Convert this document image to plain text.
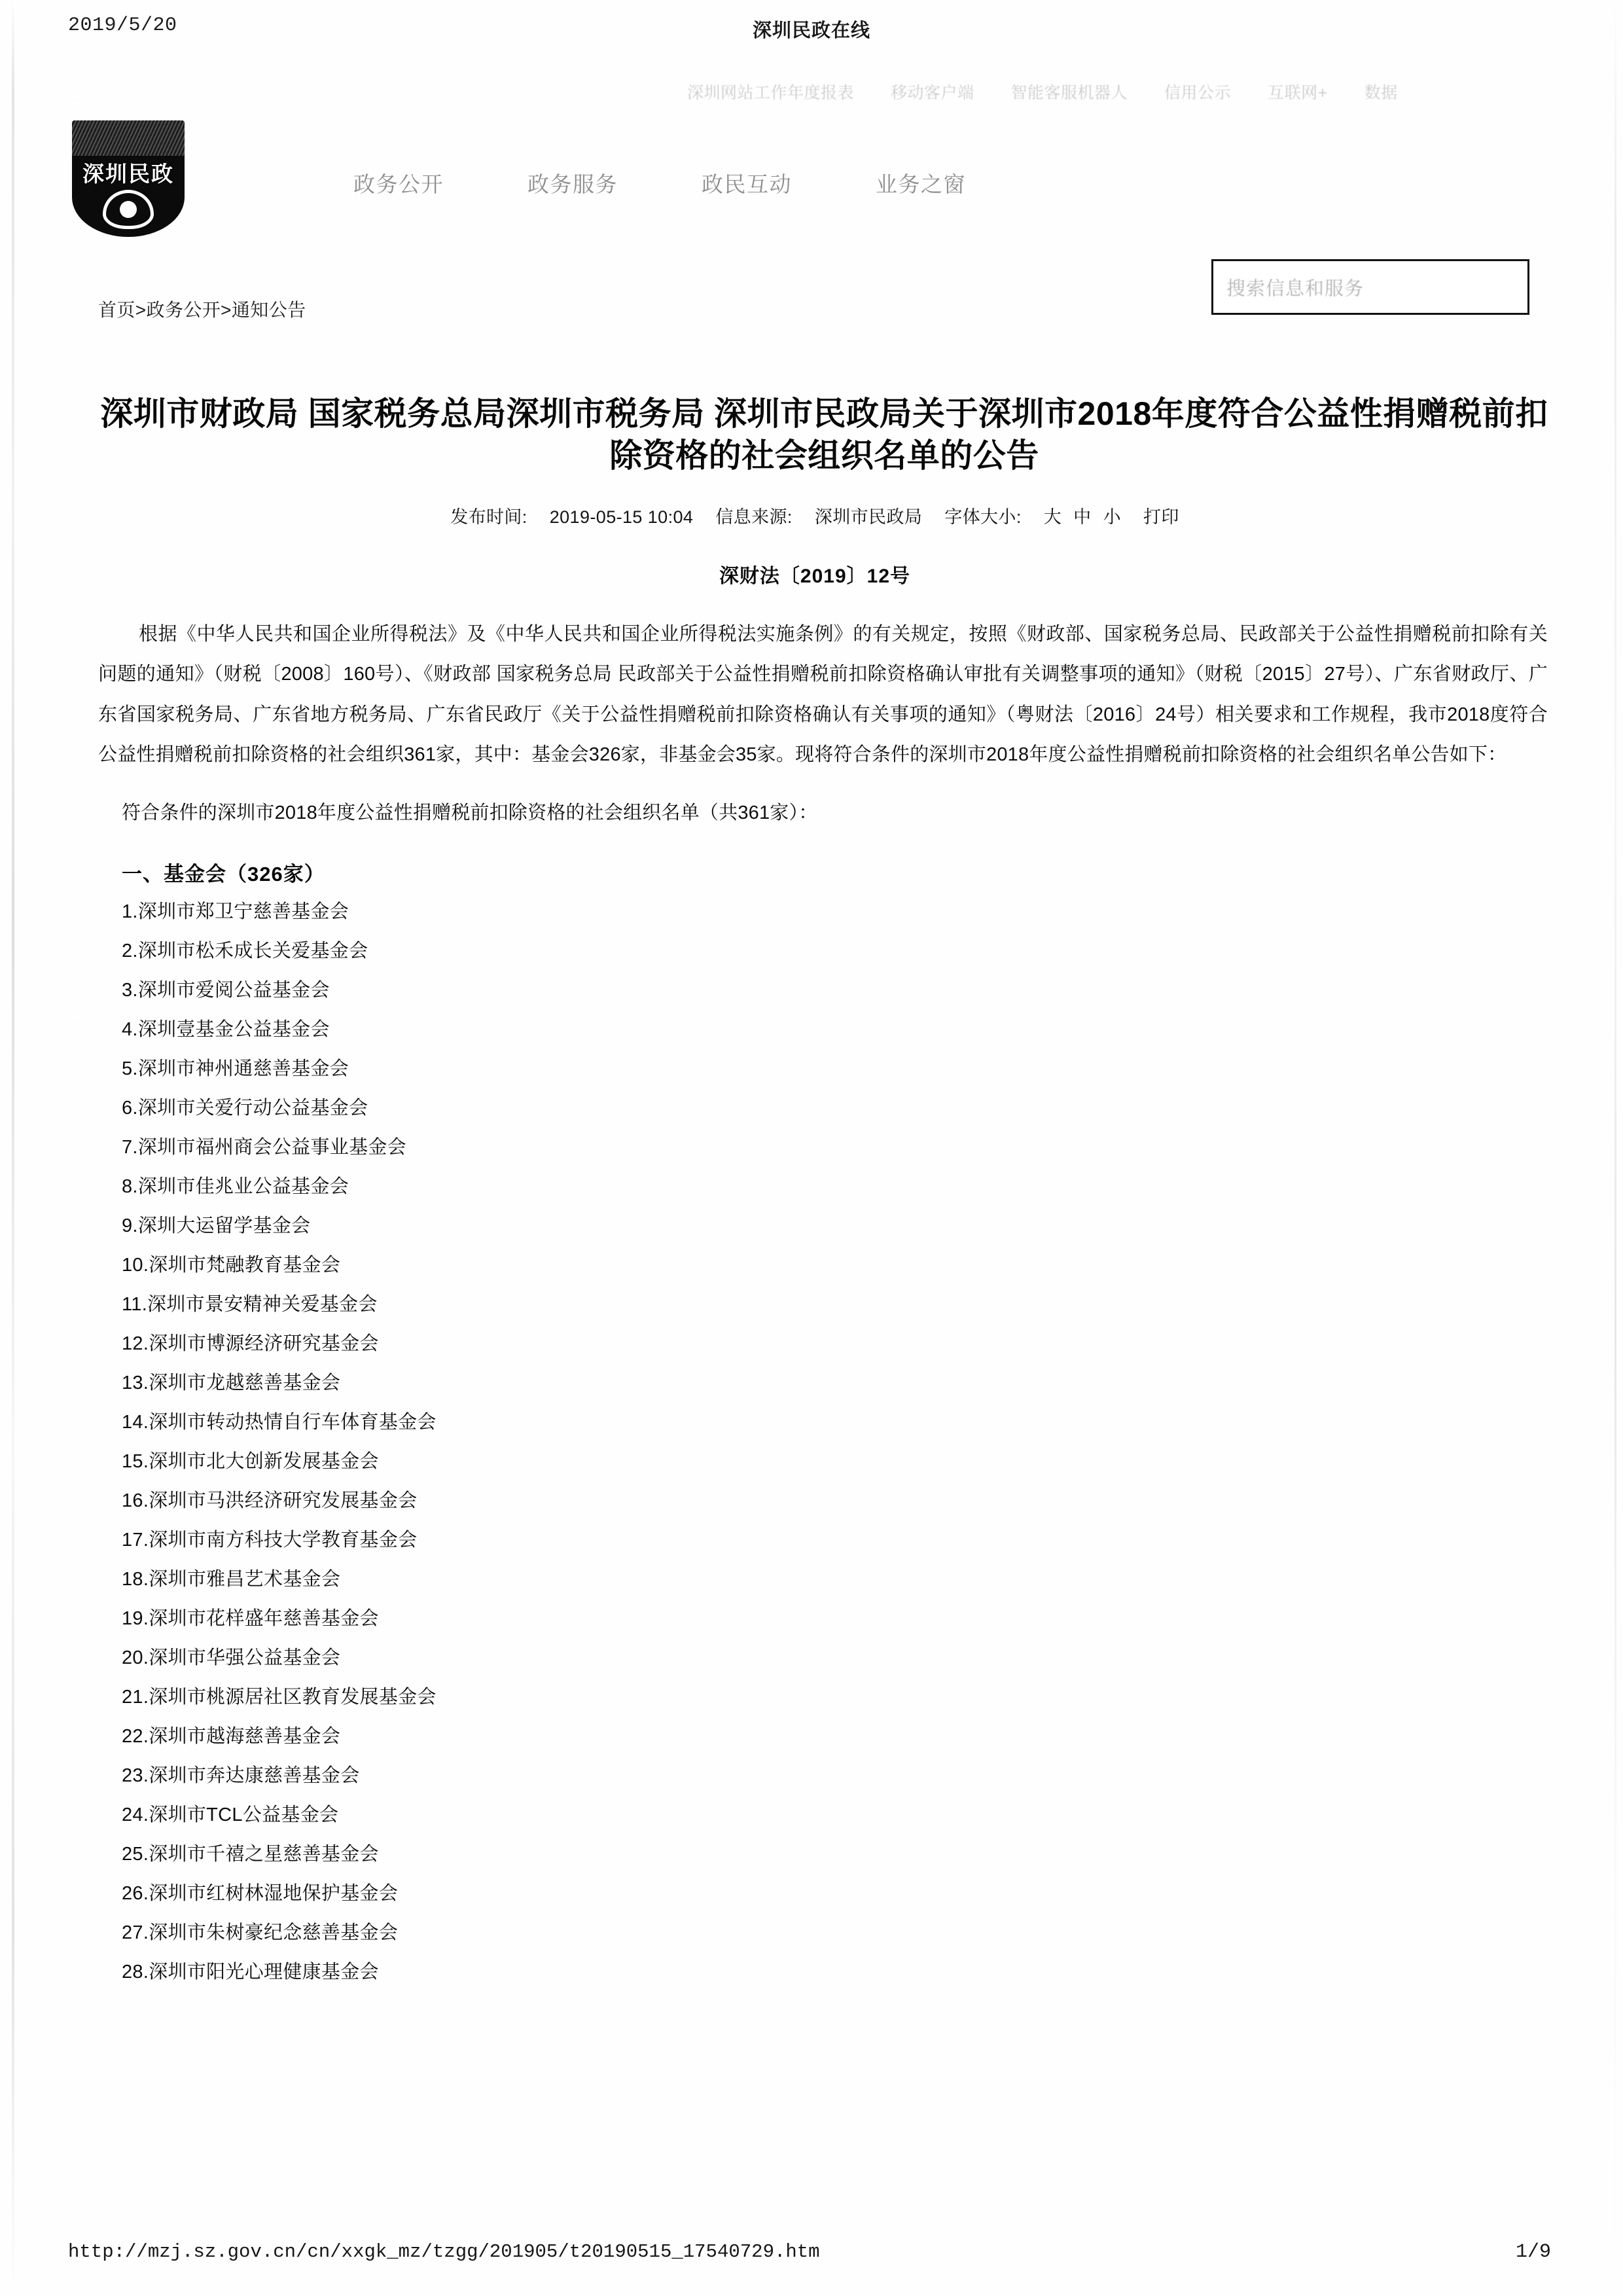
2019/5/20	深圳民政在线
深圳网站工作年度报表 移动客户端 智能客服机器人 信用公示 互联网+ 数据
深圳民政	政务公开	政务服务	政民互动	业务之窗
搜索信息和服务
首页>政务公开>通知公告
深圳市财政局 国家税务总局深圳市税务局 深圳市民政局关于深圳市2018年度符合公益性捐赠税前扣除资格的社会组织名单的公告
发布时间: 2019-05-15 10:04 信息来源: 深圳市民政局 字体大小: 大 中 小 打印
深财法〔2019〕12号

根据《中华人民共和国企业所得税法》及《中华人民共和国企业所得税法实施条例》的有关规定，按照《财政部、国家税务总局、民政部关于公益性捐赠税前扣除有关问题的通知》（财税〔2008〕160号）、《财政部 国家税务总局 民政部关于公益性捐赠税前扣除资格确认审批有关调整事项的通知》（财税〔2015〕27号）、广东省财政厅、广东省国家税务局、广东省地方税务局、广东省民政厅《关于公益性捐赠税前扣除资格确认有关事项的通知》（粤财法〔2016〕24号）相关要求和工作规程，我市2018度符合公益性捐赠税前扣除资格的社会组织361家，其中：基金会326家，非基金会35家。现将符合条件的深圳市2018年度公益性捐赠税前扣除资格的社会组织名单公告如下：

符合条件的深圳市2018年度公益性捐赠税前扣除资格的社会组织名单（共361家）：
一、基金会（326家）
1.深圳市郑卫宁慈善基金会
2.深圳市松禾成长关爱基金会
3.深圳市爱阅公益基金会
4.深圳壹基金公益基金会
5.深圳市神州通慈善基金会
6.深圳市关爱行动公益基金会
7.深圳市福州商会公益事业基金会
8.深圳市佳兆业公益基金会
9.深圳大运留学基金会
10.深圳市梵融教育基金会
11.深圳市景安精神关爱基金会
12.深圳市博源经济研究基金会
13.深圳市龙越慈善基金会
14.深圳市转动热情自行车体育基金会
15.深圳市北大创新发展基金会
16.深圳市马洪经济研究发展基金会
17.深圳市南方科技大学教育基金会
18.深圳市雅昌艺术基金会
19.深圳市花样盛年慈善基金会
20.深圳市华强公益基金会
21.深圳市桃源居社区教育发展基金会
22.深圳市越海慈善基金会
23.深圳市奔达康慈善基金会
24.深圳市TCL公益基金会
25.深圳市千禧之星慈善基金会
26.深圳市红树林湿地保护基金会
27.深圳市朱树豪纪念慈善基金会
28.深圳市阳光心理健康基金会
http://mzj.sz.gov.cn/cn/xxgk_mz/tzgg/201905/t20190515_17540729.htm	1/9
